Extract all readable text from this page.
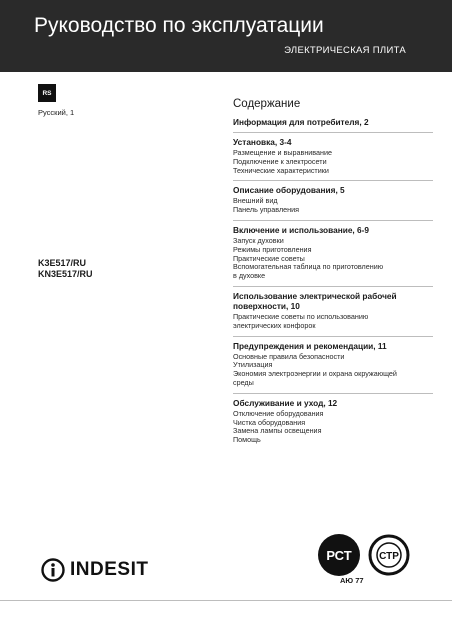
Руководство по эксплуатации
ЭЛЕКТРИЧЕСКАЯ ПЛИТА
RS
Русский, 1
K3E517/RU
KN3E517/RU
Содержание
Информация для потребителя, 2
Установка, 3-4
Размещение и выравнивание
Подключение к электросети
Технические характеристики
Описание оборудования, 5
Внешний вид
Панель управления
Включение и использование, 6-9
Запуск духовки
Режимы приготовления
Практические советы
Вспомогательная таблица по приготовлению
в духовке
Использование электрической рабочей поверхности, 10
Практические советы по использованию
электрических конфорок
Предупреждения и рекомендации, 11
Основные правила безопасности
Утилизация
Экономия электроэнергии и охрана окружающей
среды
Обслуживание и уход, 12
Отключение оборудования
Чистка оборудования
Замена лампы освещения
Помощь
INDESIT
РСТ	СТР
АЮ 77
